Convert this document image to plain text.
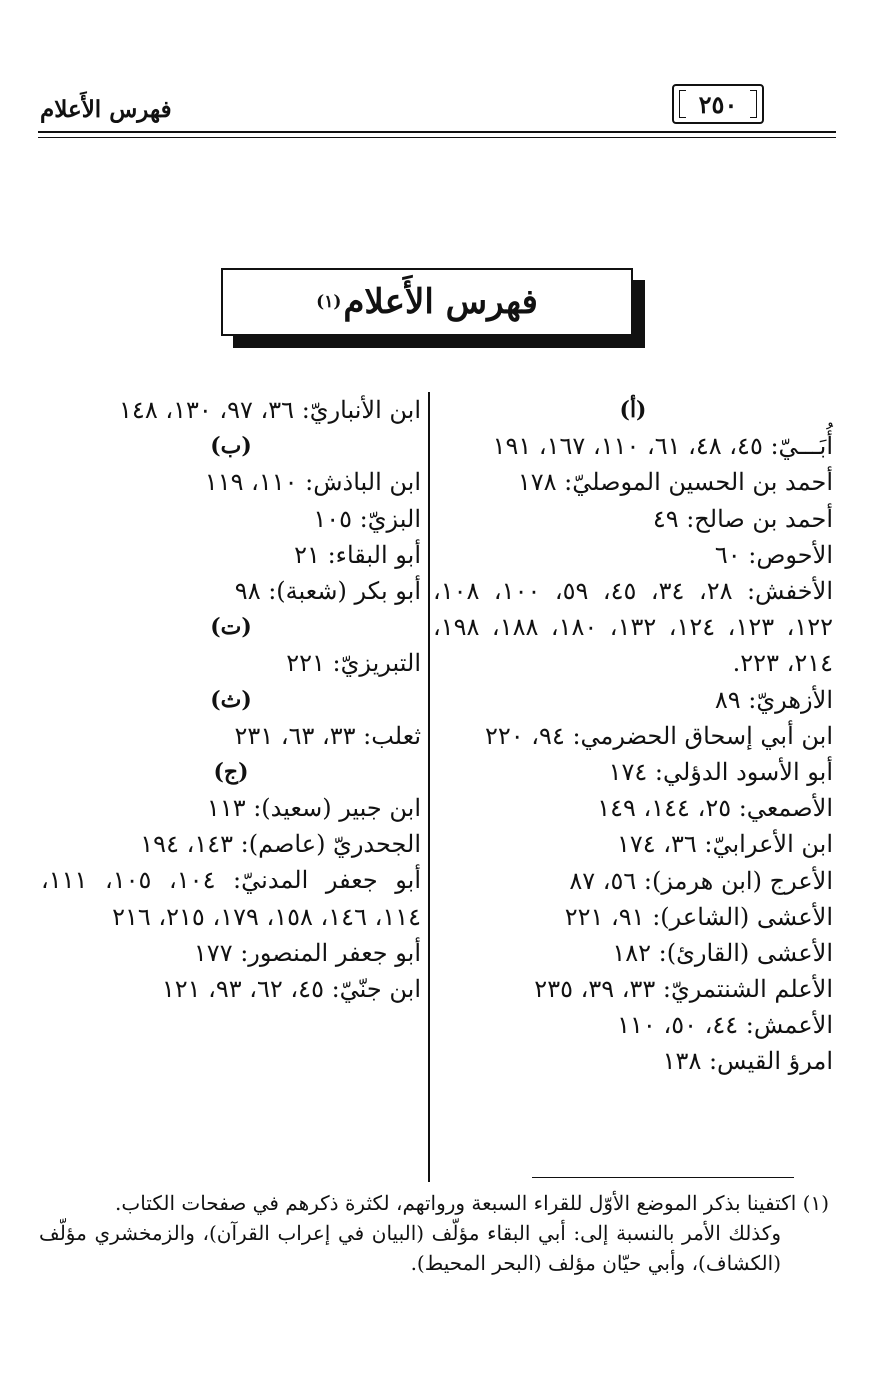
فهرس الأَعلام	٢٥٠
فهرس الأَعلام
(١)
(أ)
أُبَـــيّ: ٤٥، ٤٨، ٦١، ١١٠، ١٦٧، ١٩١
أحمد بن الحسين الموصليّ: ١٧٨
أحمد بن صالح: ٤٩
الأحوص: ٦٠
الأخفش: ٢٨، ٣٤، ٤٥، ٥٩، ١٠٠، ١٠٨، ١٢٢، ١٢٣، ١٢٤، ١٣٢، ١٨٠، ١٨٨، ١٩٨، ٢١٤، ٢٢٣.
الأزهريّ: ٨٩
ابن أبي إسحاق الحضرمي: ٩٤، ٢٢٠
أبو الأسود الدؤلي: ١٧٤
الأصمعي: ٢٥، ١٤٤، ١٤٩
ابن الأعرابيّ: ٣٦، ١٧٤
الأعرج (ابن هرمز): ٥٦، ٨٧
الأعشى (الشاعر): ٩١، ٢٢١
الأعشى (القارئ): ١٨٢
الأعلم الشنتمريّ: ٣٣، ٣٩، ٢٣٥
الأعمش: ٤٤، ٥٠، ١١٠
امرؤ القيس: ١٣٨
ابن الأنباريّ: ٣٦، ٩٧، ١٣٠، ١٤٨
(ب)
ابن الباذش: ١١٠، ١١٩
البزيّ: ١٠٥
أبو البقاء: ٢١
أبو بكر (شعبة): ٩٨
(ت)
التبريزيّ: ٢٢١
(ث)
ثعلب: ٣٣، ٦٣، ٢٣١
(ج)
ابن جبير (سعيد): ١١٣
الجحدريّ (عاصم): ١٤٣، ١٩٤
أبو جعفر المدنيّ: ١٠٤، ١٠٥، ١١١، ١١٤، ١٤٦، ١٥٨، ١٧٩، ٢١٥، ٢١٦
أبو جعفر المنصور: ١٧٧
ابن جنّيّ: ٤٥، ٦٢، ٩٣، ١٢١

(١) اكتفينا بذكر الموضع الأوّل للقراء السبعة ورواتهم، لكثرة ذكرهم في صفحات الكتاب.

وكذلك الأمر بالنسبة إلى: أبي البقاء مؤلّف (البيان في إعراب القرآن)، والزمخشري مؤلّف (الكشاف)، وأبي حيّان مؤلف (البحر المحيط).
